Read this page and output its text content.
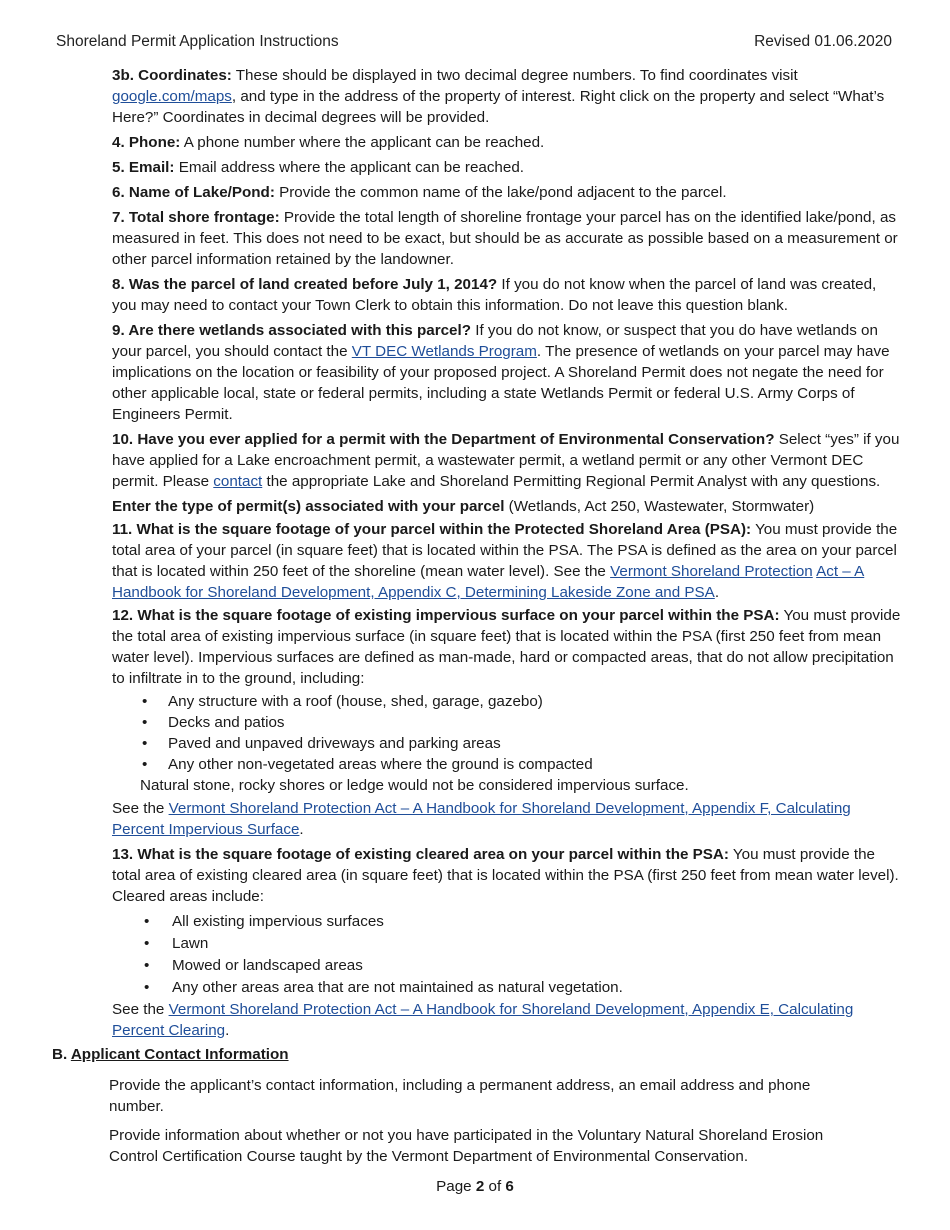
Shoreland Permit Application Instructions	Revised 01.06.2020

3b. Coordinates: These should be displayed in two decimal degree numbers. To find coordinates visit google.com/maps, and type in the address of the property of interest. Right click on the property and select “What’s Here?” Coordinates in decimal degrees will be provided.

4. Phone: A phone number where the applicant can be reached.

5. Email: Email address where the applicant can be reached.

6. Name of Lake/Pond: Provide the common name of the lake/pond adjacent to the parcel.

7. Total shore frontage: Provide the total length of shoreline frontage your parcel has on the identified lake/pond, as measured in feet. This does not need to be exact, but should be as accurate as possible based on a measurement or other parcel information retained by the landowner.

8. Was the parcel of land created before July 1, 2014? If you do not know when the parcel of land was created, you may need to contact your Town Clerk to obtain this information. Do not leave this question blank.

9. Are there wetlands associated with this parcel? If you do not know, or suspect that you do have wetlands on your parcel, you should contact the VT DEC Wetlands Program. The presence of wetlands on your parcel may have implications on the location or feasibility of your proposed project. A Shoreland Permit does not negate the need for other applicable local, state or federal permits, including a state Wetlands Permit or federal U.S. Army Corps of Engineers Permit.

10. Have you ever applied for a permit with the Department of Environmental Conservation? Select “yes” if you have applied for a Lake encroachment permit, a wastewater permit, a wetland permit or any other Vermont DEC permit. Please contact the appropriate Lake and Shoreland Permitting Regional Permit Analyst with any questions.

Enter the type of permit(s) associated with your parcel (Wetlands, Act 250, Wastewater, Stormwater)

11. What is the square footage of your parcel within the Protected Shoreland Area (PSA): You must provide the total area of your parcel (in square feet) that is located within the PSA. The PSA is defined as the area on your parcel that is located within 250 feet of the shoreline (mean water level). See the Vermont Shoreland Protection Act – A Handbook for Shoreland Development, Appendix C, Determining Lakeside Zone and PSA.

12. What is the square footage of existing impervious surface on your parcel within the PSA: You must provide the total area of existing impervious surface (in square feet) that is located within the PSA (first 250 feet from mean water level). Impervious surfaces are defined as man-made, hard or compacted areas, that do not allow precipitation to infiltrate in to the ground, including:

• Any structure with a roof (house, shed, garage, gazebo)
• Decks and patios
• Paved and unpaved driveways and parking areas
• Any other non-vegetated areas where the ground is compacted

Natural stone, rocky shores or ledge would not be considered impervious surface.

See the Vermont Shoreland Protection Act – A Handbook for Shoreland Development, Appendix F, Calculating Percent Impervious Surface.

13. What is the square footage of existing cleared area on your parcel within the PSA: You must provide the total area of existing cleared area (in square feet) that is located within the PSA (first 250 feet from mean water level). Cleared areas include:

• All existing impervious surfaces
• Lawn
• Mowed or landscaped areas
• Any other areas area that are not maintained as natural vegetation.

See the Vermont Shoreland Protection Act – A Handbook for Shoreland Development, Appendix E, Calculating Percent Clearing.

B. Applicant Contact Information

Provide the applicant’s contact information, including a permanent address, an email address and phone number.

Provide information about whether or not you have participated in the Voluntary Natural Shoreland Erosion Control Certification Course taught by the Vermont Department of Environmental Conservation.

Page 2 of 6
